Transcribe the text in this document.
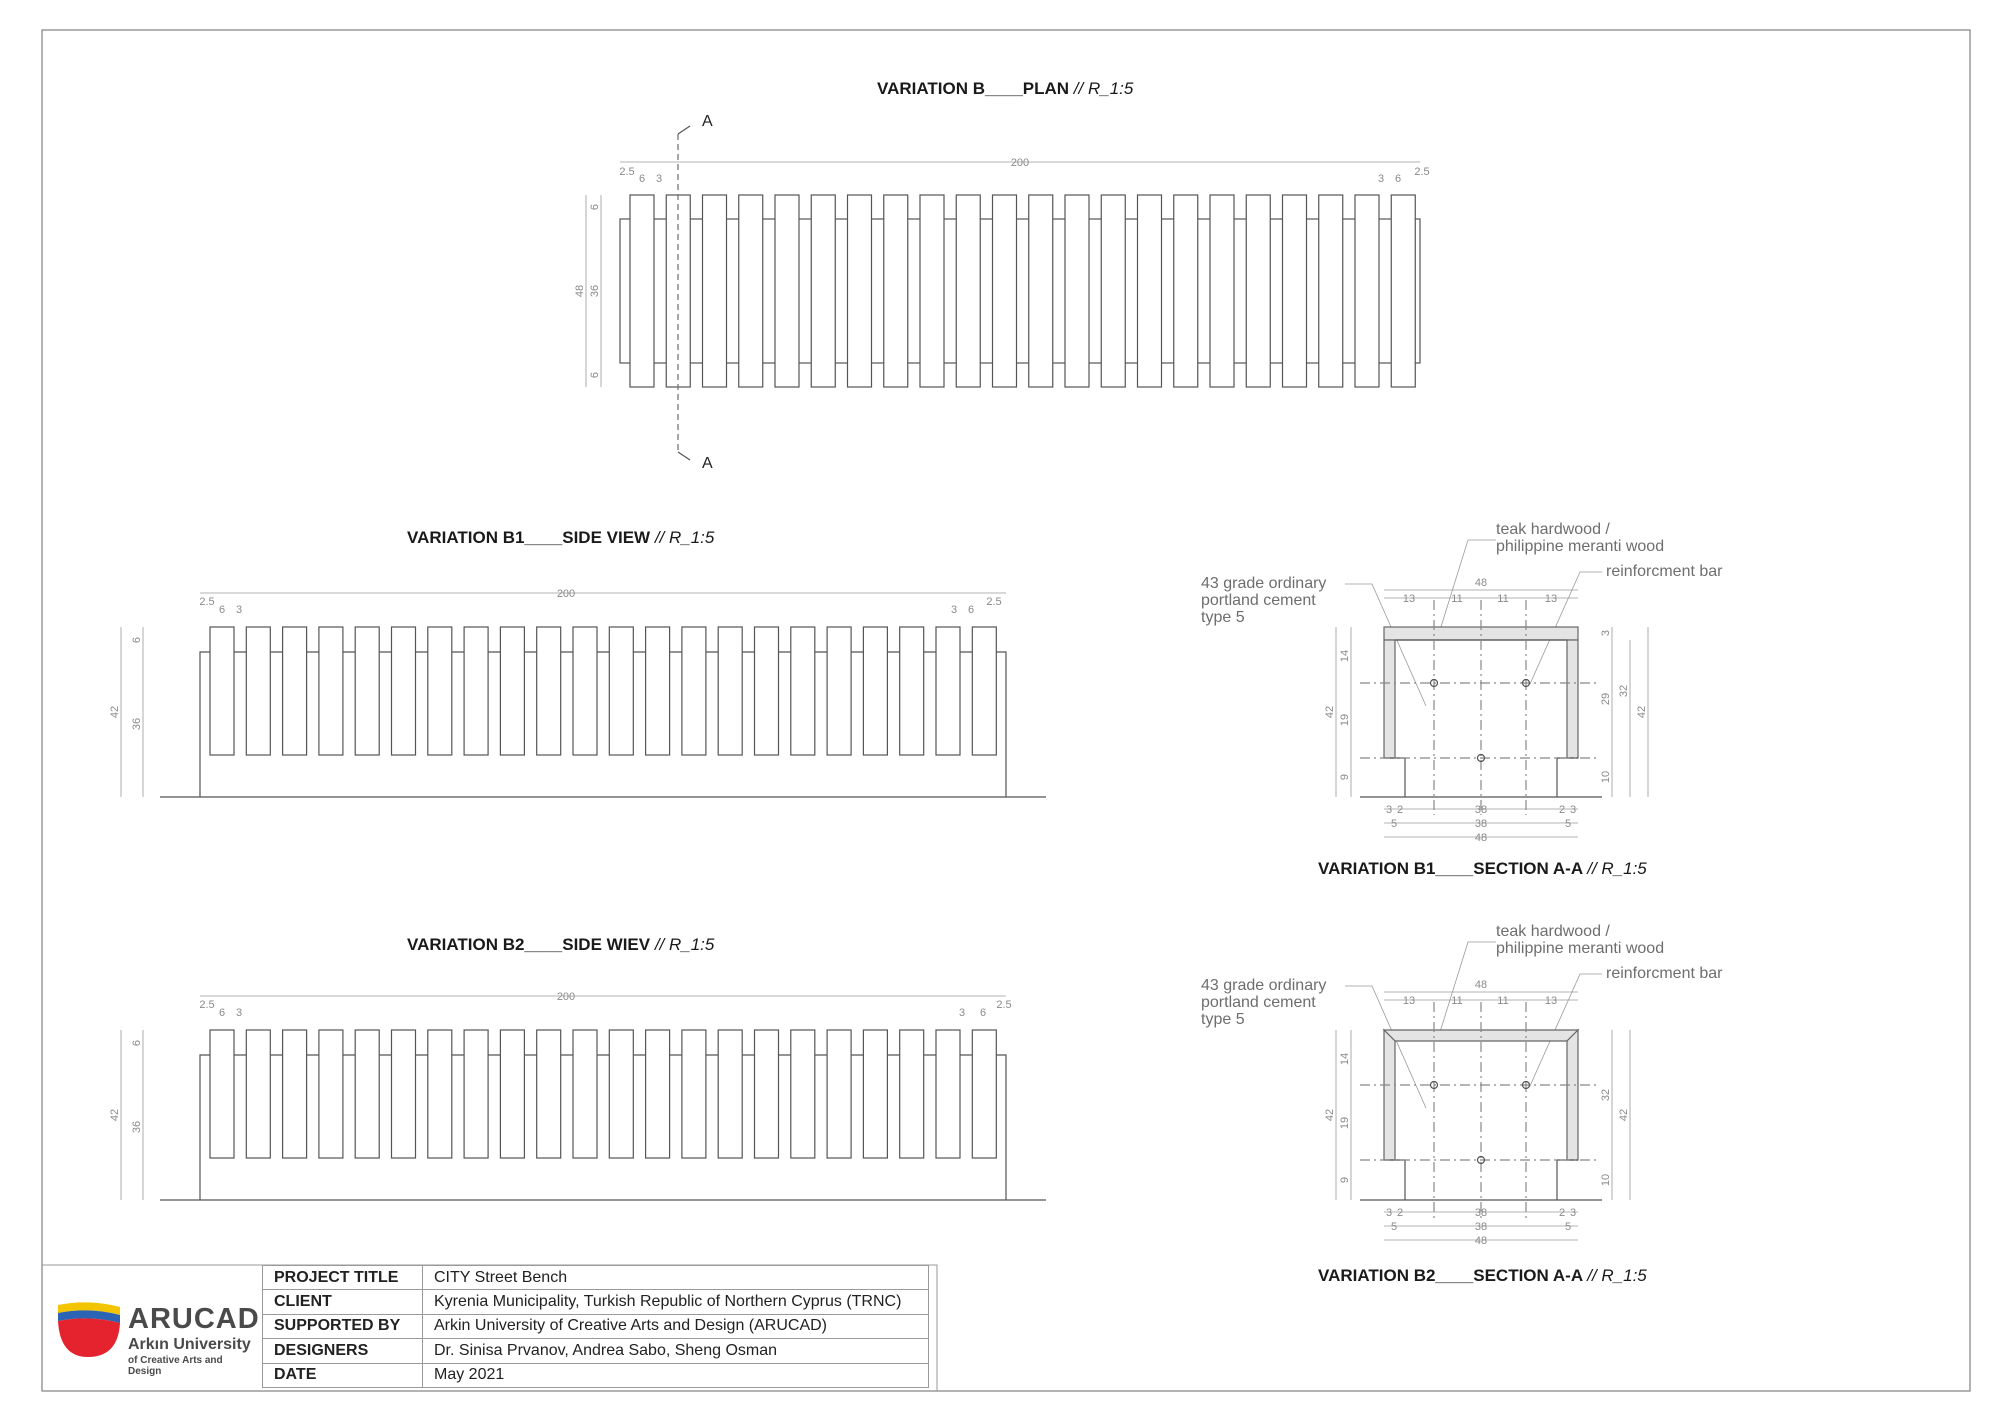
VARIATION B____PLAN // R_1:5
A
A
200
2.5
6 3	3 6
2.5
48
6
36
6
VARIATION B1____SIDE VIEW // R_1:5
200
2.5
6 3	3 6
2.5
42
6
36
VARIATION B2____SIDE WIEV // R_1:5
200
2.5
6 3	3 6
2.5
42
6
36
teak hardwood /
philippine meranti wood
reinforcment bar
43 grade ordinary
portland cement
type 5
48
13	11	11	13
42
14
19
9
3
29
10
32
42
3 2	38	2 3
5	38	5
48
VARIATION B1____SECTION A-A // R_1:5
teak hardwood /
philippine meranti wood
reinforcment bar
43 grade ordinary
portland cement
type 5
48
13	11	11	13
42
14
19
9
32
10
42
3 2	38	2 3
5	38	5
48
VARIATION B2____SECTION A-A // R_1:5
ARUCAD
Arkın University
of Creative Arts and Design
PROJECT TITLE	CITY Street Bench
CLIENT	Kyrenia Municipality, Turkish Republic of Northern Cyprus (TRNC)
SUPPORTED BY	Arkin University of Creative Arts and Design (ARUCAD)
DESIGNERS	Dr. Sinisa Prvanov, Andrea Sabo, Sheng Osman
DATE	May 2021
